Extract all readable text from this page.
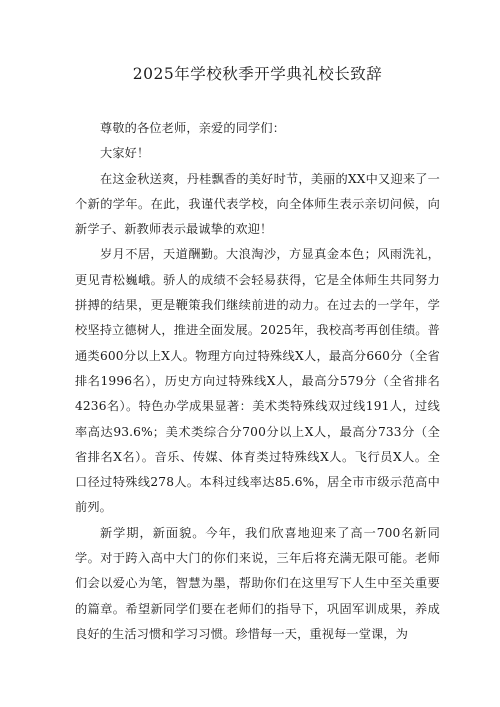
2025年学校秋季开学典礼校长致辞

尊敬的各位老师，亲爱的同学们：

大家好！

在这金秋送爽，丹桂飘香的美好时节，美丽的XX中又迎来了一个新的学年。在此，我谨代表学校，向全体师生表示亲切问候，向新学子、新教师表示最诚挚的欢迎！

岁月不居，天道酬勤。大浪淘沙，方显真金本色；风雨洗礼，更见青松巍峨。骄人的成绩不会轻易获得，它是全体师生共同努力拼搏的结果，更是鞭策我们继续前进的动力。在过去的一学年，学校坚持立德树人，推进全面发展。2025年，我校高考再创佳绩。普通类600分以上X人。物理方向过特殊线X人，最高分660分（全省排名1996名），历史方向过特殊线X人，最高分579分（全省排名4236名）。特色办学成果显著：美术类特殊线双过线191人，过线率高达93.6%；美术类综合分700分以上X人，最高分733分（全省排名X名）。音乐、传媒、体育类过特殊线X人。飞行员X人。全口径过特殊线278人。本科过线率达85.6%，居全市市级示范高中前列。

新学期，新面貌。今年，我们欣喜地迎来了高一700名新同学。对于跨入高中大门的你们来说，三年后将充满无限可能。老师们会以爱心为笔，智慧为墨，帮助你们在这里写下人生中至关重要的篇章。希望新同学们要在老师们的指导下，巩固军训成果，养成良好的生活习惯和学习习惯。珍惜每一天，重视每一堂课，为
